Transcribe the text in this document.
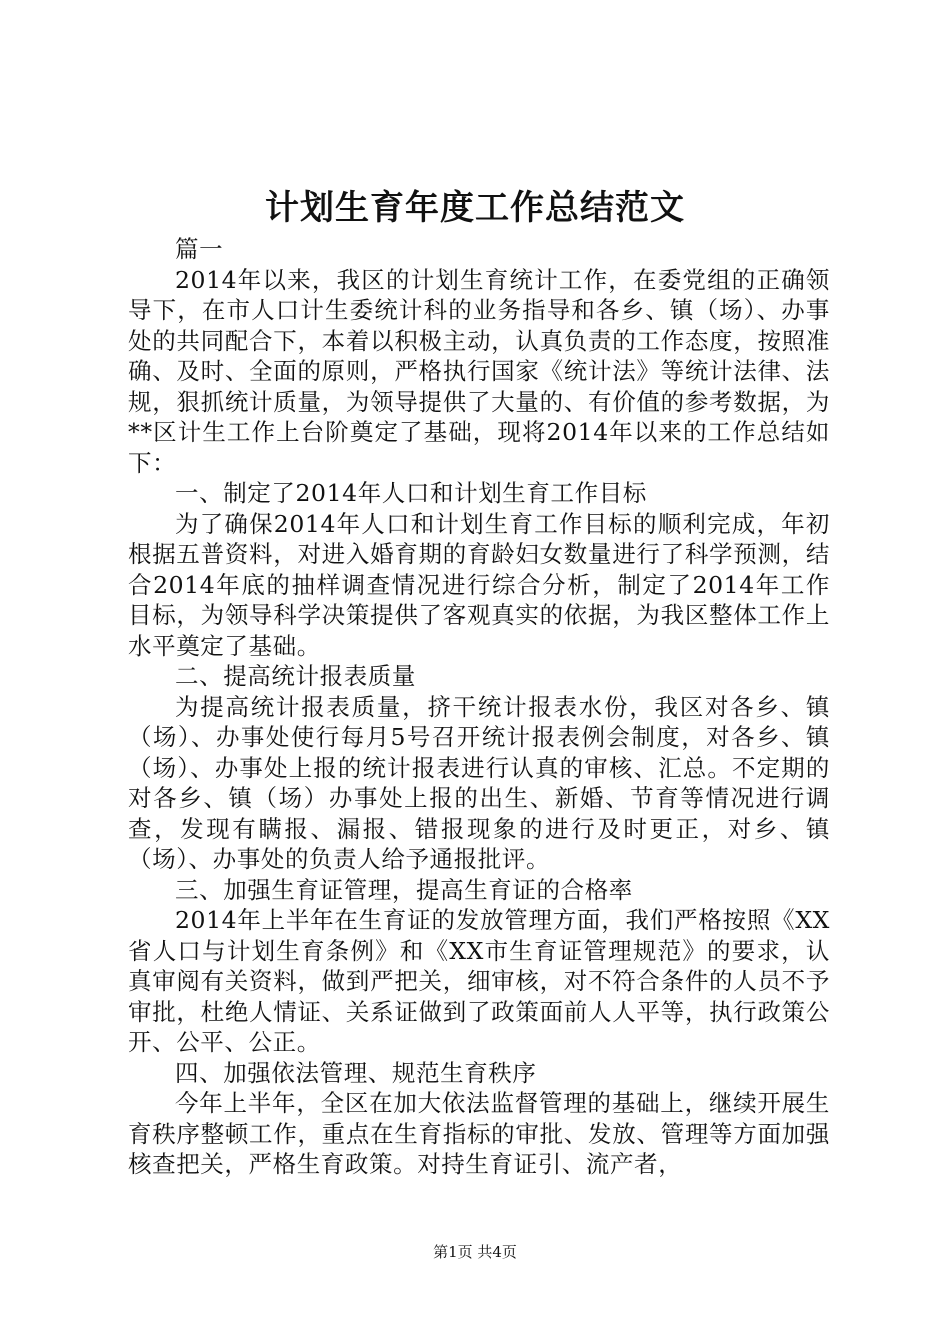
计划生育年度工作总结范文

篇一

2014年以来，我区的计划生育统计工作，在委党组的正确领导下，在市人口计生委统计科的业务指导和各乡、镇（场）、办事处的共同配合下，本着以积极主动，认真负责的工作态度，按照准确、及时、全面的原则，严格执行国家《统计法》等统计法律、法规，狠抓统计质量，为领导提供了大量的、有价值的参考数据，为**区计生工作上台阶奠定了基础，现将2014年以来的工作总结如下：

一、制定了2014年人口和计划生育工作目标

为了确保2014年人口和计划生育工作目标的顺利完成，年初根据五普资料，对进入婚育期的育龄妇女数量进行了科学预测，结合2014年底的抽样调查情况进行综合分析，制定了2014年工作目标，为领导科学决策提供了客观真实的依据，为我区整体工作上水平奠定了基础。

二、提高统计报表质量

为提高统计报表质量，挤干统计报表水份，我区对各乡、镇（场）、办事处使行每月5号召开统计报表例会制度，对各乡、镇（场）、办事处上报的统计报表进行认真的审核、汇总。不定期的对各乡、镇（场）办事处上报的出生、新婚、节育等情况进行调查，发现有瞒报、漏报、错报现象的进行及时更正，对乡、镇（场）、办事处的负责人给予通报批评。

三、加强生育证管理，提高生育证的合格率

2014年上半年在生育证的发放管理方面，我们严格按照《XX省人口与计划生育条例》和《XX市生育证管理规范》的要求，认真审阅有关资料，做到严把关，细审核，对不符合条件的人员不予审批，杜绝人情证、关系证做到了政策面前人人平等，执行政策公开、公平、公正。

四、加强依法管理、规范生育秩序

今年上半年，全区在加大依法监督管理的基础上，继续开展生育秩序整顿工作，重点在生育指标的审批、发放、管理等方面加强核查把关，严格生育政策。对持生育证引、流产者，

第1页 共4页
